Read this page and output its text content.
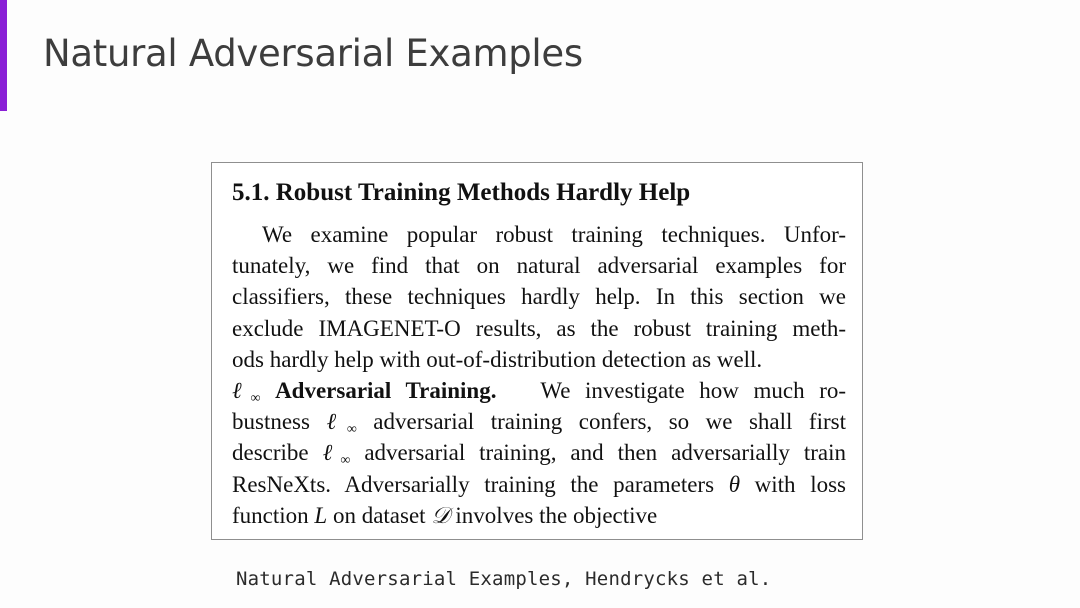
Natural Adversarial Examples
5.1. Robust Training Methods Hardly Help
We examine popular robust training techniques. Unfor-
tunately, we find that on natural adversarial examples for
classifiers, these techniques hardly help. In this section we
exclude IMAGENET-O results, as the robust training meth-
ods hardly help with out-of-distribution detection as well.
ℓ$_\infty$ Adversarial Training. We investigate how much ro-
bustness ℓ$_\infty$ adversarial training confers, so we shall first
describe ℓ$_\infty$ adversarial training, and then adversarially train
ResNeXts. Adversarially training the parameters θ with loss
function L on dataset 𝒟 involves the objective

Natural Adversarial Examples, Hendrycks et al.
